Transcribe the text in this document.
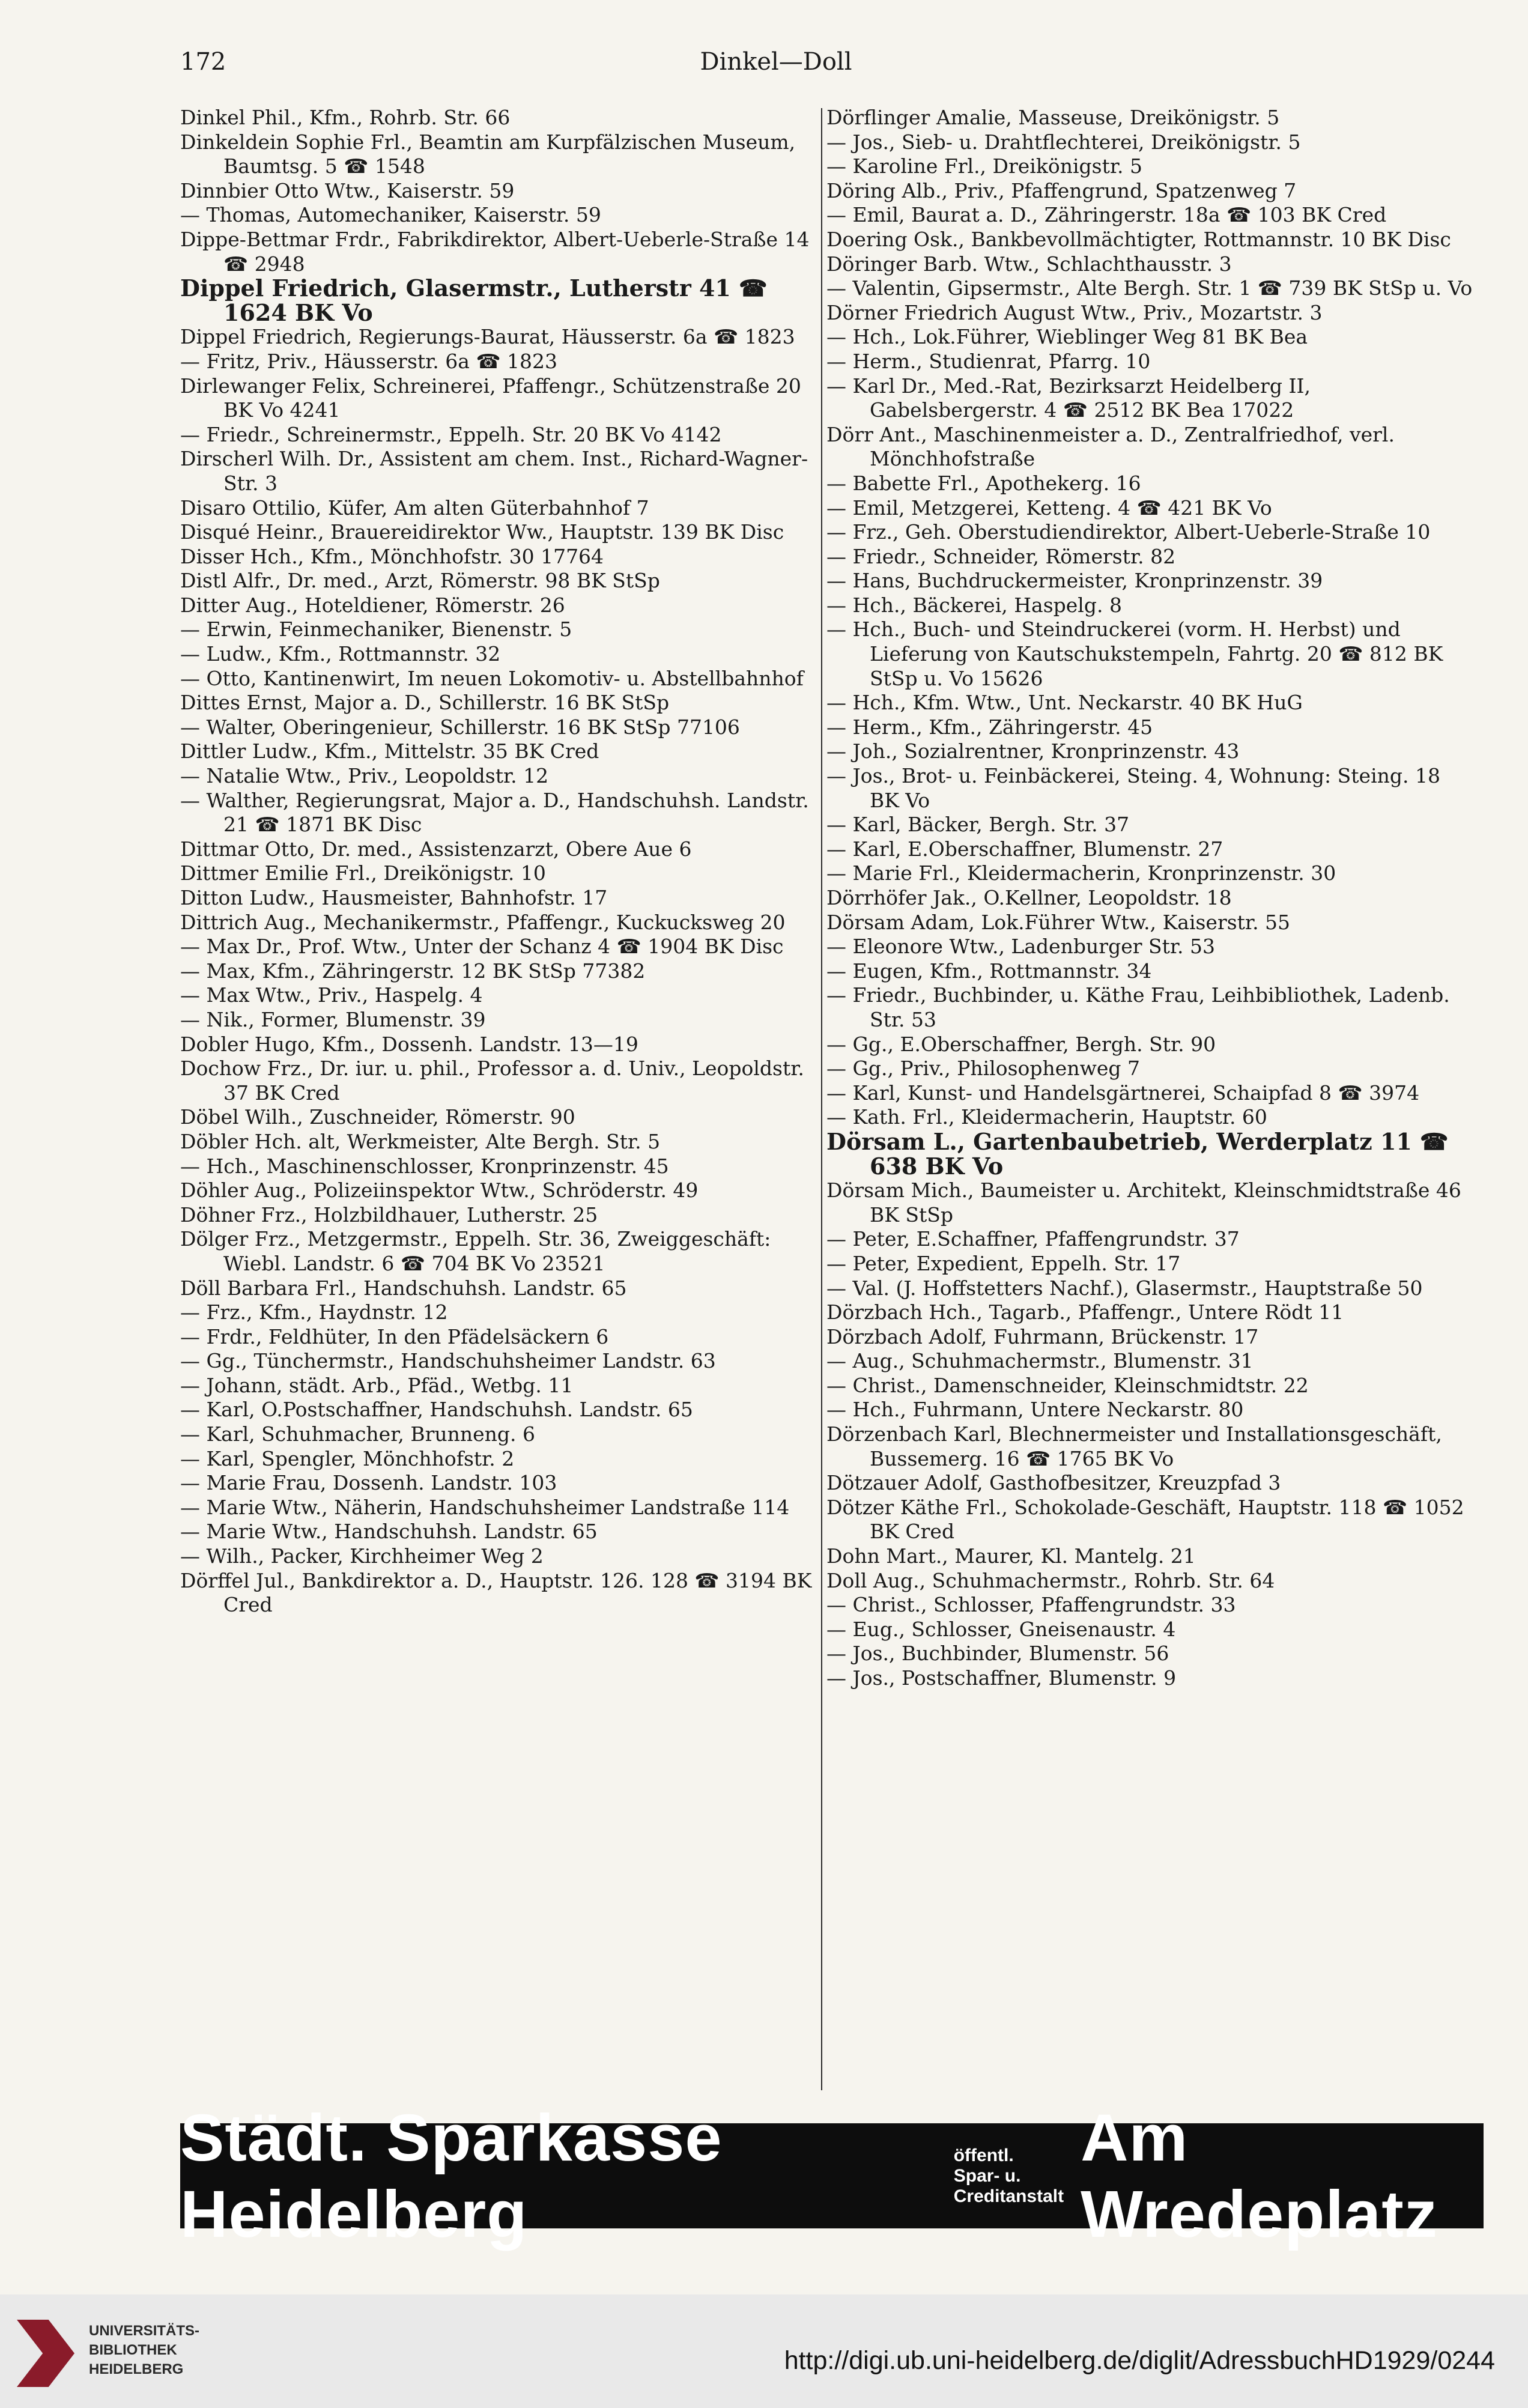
172	Dinkel—Doll
Dinkel Phil., Kfm., Rohrb. Str. 66
Dinkeldein Sophie Frl., Beamtin am Kurpfälzischen Museum, Baumtsg. 5 ☎ 1548
Dinnbier Otto Wtw., Kaiserstr. 59
— Thomas, Automechaniker, Kaiserstr. 59
Dippe-Bettmar Frdr., Fabrikdirektor, Albert-Ueberle-Straße 14 ☎ 2948
Dippel Friedrich, Glasermstr., Lutherstr 41 ☎ 1624 BK Vo
Dippel Friedrich, Regierungs-Baurat, Häusserstr. 6a ☎ 1823
— Fritz, Priv., Häusserstr. 6a ☎ 1823
Dirlewanger Felix, Schreinerei, Pfaffengr., Schützenstraße 20 BK Vo 4241
— Friedr., Schreinermstr., Eppelh. Str. 20 BK Vo 4142
Dirscherl Wilh. Dr., Assistent am chem. Inst., Richard-Wagner-Str. 3
Disaro Ottilio, Küfer, Am alten Güterbahnhof 7
Disqué Heinr., Brauereidirektor Ww., Hauptstr. 139 BK Disc
Disser Hch., Kfm., Mönchhofstr. 30 17764
Distl Alfr., Dr. med., Arzt, Römerstr. 98 BK StSp
Ditter Aug., Hoteldiener, Römerstr. 26
— Erwin, Feinmechaniker, Bienenstr. 5
— Ludw., Kfm., Rottmannstr. 32
— Otto, Kantinenwirt, Im neuen Lokomotiv- u. Abstellbahnhof
Dittes Ernst, Major a. D., Schillerstr. 16 BK StSp
— Walter, Oberingenieur, Schillerstr. 16 BK StSp 77106
Dittler Ludw., Kfm., Mittelstr. 35 BK Cred
— Natalie Wtw., Priv., Leopoldstr. 12
— Walther, Regierungsrat, Major a. D., Handschuhsh. Landstr. 21 ☎ 1871 BK Disc
Dittmar Otto, Dr. med., Assistenzarzt, Obere Aue 6
Dittmer Emilie Frl., Dreikönigstr. 10
Ditton Ludw., Hausmeister, Bahnhofstr. 17
Dittrich Aug., Mechanikermstr., Pfaffengr., Kuckucksweg 20
— Max Dr., Prof. Wtw., Unter der Schanz 4 ☎ 1904 BK Disc
— Max, Kfm., Zähringerstr. 12 BK StSp 77382
— Max Wtw., Priv., Haspelg. 4
— Nik., Former, Blumenstr. 39
Dobler Hugo, Kfm., Dossenh. Landstr. 13—19
Dochow Frz., Dr. iur. u. phil., Professor a. d. Univ., Leopoldstr. 37 BK Cred
Döbel Wilh., Zuschneider, Römerstr. 90
Döbler Hch. alt, Werkmeister, Alte Bergh. Str. 5
— Hch., Maschinenschlosser, Kronprinzenstr. 45
Döhler Aug., Polizeiinspektor Wtw., Schröderstr. 49
Döhner Frz., Holzbildhauer, Lutherstr. 25
Dölger Frz., Metzgermstr., Eppelh. Str. 36, Zweiggeschäft: Wiebl. Landstr. 6 ☎ 704 BK Vo 23521
Döll Barbara Frl., Handschuhsh. Landstr. 65
— Frz., Kfm., Haydnstr. 12
— Frdr., Feldhüter, In den Pfädelsäckern 6
— Gg., Tünchermstr., Handschuhsheimer Landstr. 63
— Johann, städt. Arb., Pfäd., Wetbg. 11
— Karl, O.Postschaffner, Handschuhsh. Landstr. 65
— Karl, Schuhmacher, Brunneng. 6
— Karl, Spengler, Mönchhofstr. 2
— Marie Frau, Dossenh. Landstr. 103
— Marie Wtw., Näherin, Handschuhsheimer Landstraße 114
— Marie Wtw., Handschuhsh. Landstr. 65
— Wilh., Packer, Kirchheimer Weg 2
Dörffel Jul., Bankdirektor a. D., Hauptstr. 126. 128 ☎ 3194 BK Cred
Dörflinger Amalie, Masseuse, Dreikönigstr. 5
— Jos., Sieb- u. Drahtflechterei, Dreikönigstr. 5
— Karoline Frl., Dreikönigstr. 5
Döring Alb., Priv., Pfaffengrund, Spatzenweg 7
— Emil, Baurat a. D., Zähringerstr. 18a ☎ 103 BK Cred
Doering Osk., Bankbevollmächtigter, Rottmannstr. 10 BK Disc
Döringer Barb. Wtw., Schlachthausstr. 3
— Valentin, Gipsermstr., Alte Bergh. Str. 1 ☎ 739 BK StSp u. Vo
Dörner Friedrich August Wtw., Priv., Mozartstr. 3
— Hch., Lok.Führer, Wieblinger Weg 81 BK Bea
— Herm., Studienrat, Pfarrg. 10
— Karl Dr., Med.-Rat, Bezirksarzt Heidelberg II, Gabelsbergerstr. 4 ☎ 2512 BK Bea 17022
Dörr Ant., Maschinenmeister a. D., Zentralfriedhof, verl. Mönchhofstraße
— Babette Frl., Apothekerg. 16
— Emil, Metzgerei, Ketteng. 4 ☎ 421 BK Vo
— Frz., Geh. Oberstudiendirektor, Albert-Ueberle-Straße 10
— Friedr., Schneider, Römerstr. 82
— Hans, Buchdruckermeister, Kronprinzenstr. 39
— Hch., Bäckerei, Haspelg. 8
— Hch., Buch- und Steindruckerei (vorm. H. Herbst) und Lieferung von Kautschukstempeln, Fahrtg. 20 ☎ 812 BK StSp u. Vo 15626
— Hch., Kfm. Wtw., Unt. Neckarstr. 40 BK HuG
— Herm., Kfm., Zähringerstr. 45
— Joh., Sozialrentner, Kronprinzenstr. 43
— Jos., Brot- u. Feinbäckerei, Steing. 4, Wohnung: Steing. 18 BK Vo
— Karl, Bäcker, Bergh. Str. 37
— Karl, E.Oberschaffner, Blumenstr. 27
— Marie Frl., Kleidermacherin, Kronprinzenstr. 30
Dörrhöfer Jak., O.Kellner, Leopoldstr. 18
Dörsam Adam, Lok.Führer Wtw., Kaiserstr. 55
— Eleonore Wtw., Ladenburger Str. 53
— Eugen, Kfm., Rottmannstr. 34
— Friedr., Buchbinder, u. Käthe Frau, Leihbibliothek, Ladenb. Str. 53
— Gg., E.Oberschaffner, Bergh. Str. 90
— Gg., Priv., Philosophenweg 7
— Karl, Kunst- und Handelsgärtnerei, Schaipfad 8 ☎ 3974
— Kath. Frl., Kleidermacherin, Hauptstr. 60
Dörsam L., Gartenbaubetrieb, Werderplatz 11 ☎ 638 BK Vo
Dörsam Mich., Baumeister u. Architekt, Kleinschmidtstraße 46 BK StSp
— Peter, E.Schaffner, Pfaffengrundstr. 37
— Peter, Expedient, Eppelh. Str. 17
— Val. (J. Hoffstetters Nachf.), Glasermstr., Hauptstraße 50
Dörzbach Hch., Tagarb., Pfaffengr., Untere Rödt 11
Dörzbach Adolf, Fuhrmann, Brückenstr. 17
— Aug., Schuhmachermstr., Blumenstr. 31
— Christ., Damenschneider, Kleinschmidtstr. 22
— Hch., Fuhrmann, Untere Neckarstr. 80
Dörzenbach Karl, Blechnermeister und Installationsgeschäft, Bussemerg. 16 ☎ 1765 BK Vo
Dötzauer Adolf, Gasthofbesitzer, Kreuzpfad 3
Dötzer Käthe Frl., Schokolade-Geschäft, Hauptstr. 118 ☎ 1052 BK Cred
Dohn Mart., Maurer, Kl. Mantelg. 21
Doll Aug., Schuhmachermstr., Rohrb. Str. 64
— Christ., Schlosser, Pfaffengrundstr. 33
— Eug., Schlosser, Gneisenaustr. 4
— Jos., Buchbinder, Blumenstr. 56
— Jos., Postschaffner, Blumenstr. 9
Städt. Sparkasse Heidelberg
öffentl. Spar- u.
Creditanstalt
Am Wredeplatz
UNIVERSITÄTS-
BIBLIOTHEK
HEIDELBERG	http://digi.ub.uni-heidelberg.de/diglit/AdressbuchHD1929/0244
